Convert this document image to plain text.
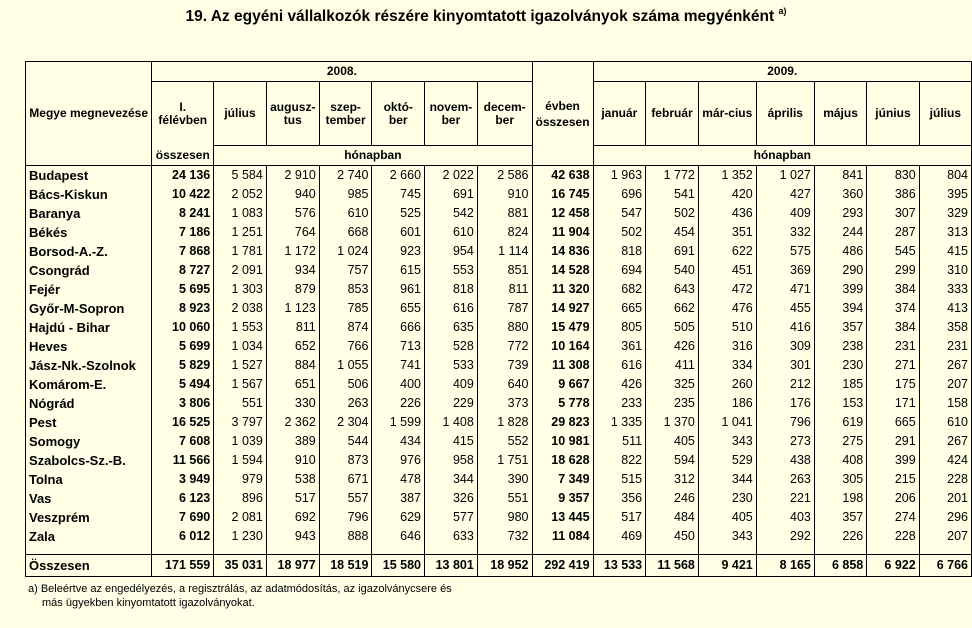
19. Az egyéni vállalkozók részére kinyomtatott igazolványok száma megyénként $^{a)}$
Megye megnevezése	2008.							évben összesen	2009.						
	I. félévben	július	augusz-tus	szep-tember	októ-ber	novem-ber	decem-ber		január	február	már-cius	április	május	június	július
	összesen	hónapban							hónapban						
Budapest	24 136	5 584	2 910	2 740	2 660	2 022	2 586	42 638	1 963	1 772	1 352	1 027	841	830	804
Bács-Kiskun	10 422	2 052	940	985	745	691	910	16 745	696	541	420	427	360	386	395
Baranya	8 241	1 083	576	610	525	542	881	12 458	547	502	436	409	293	307	329
Békés	7 186	1 251	764	668	601	610	824	11 904	502	454	351	332	244	287	313
Borsod-A.-Z.	7 868	1 781	1 172	1 024	923	954	1 114	14 836	818	691	622	575	486	545	415
Csongrád	8 727	2 091	934	757	615	553	851	14 528	694	540	451	369	290	299	310
Fejér	5 695	1 303	879	853	961	818	811	11 320	682	643	472	471	399	384	333
Győr-M-Sopron	8 923	2 038	1 123	785	655	616	787	14 927	665	662	476	455	394	374	413
Hajdú - Bihar	10 060	1 553	811	874	666	635	880	15 479	805	505	510	416	357	384	358
Heves	5 699	1 034	652	766	713	528	772	10 164	361	426	316	309	238	231	231
Jász-Nk.-Szolnok	5 829	1 527	884	1 055	741	533	739	11 308	616	411	334	301	230	271	267
Komárom-E.	5 494	1 567	651	506	400	409	640	9 667	426	325	260	212	185	175	207
Nógrád	3 806	551	330	263	226	229	373	5 778	233	235	186	176	153	171	158
Pest	16 525	3 797	2 362	2 304	1 599	1 408	1 828	29 823	1 335	1 370	1 041	796	619	665	610
Somogy	7 608	1 039	389	544	434	415	552	10 981	511	405	343	273	275	291	267
Szabolcs-Sz.-B.	11 566	1 594	910	873	976	958	1 751	18 628	822	594	529	438	408	399	424
Tolna	3 949	979	538	671	478	344	390	7 349	515	312	344	263	305	215	228
Vas	6 123	896	517	557	387	326	551	9 357	356	246	230	221	198	206	201
Veszprém	7 690	2 081	692	796	629	577	980	13 445	517	484	405	403	357	274	296
Zala	6 012	1 230	943	888	646	633	732	11 084	469	450	343	292	226	228	207

Összesen	171 559	35 031	18 977	18 519	15 580	13 801	18 952	292 419	13 533	11 568	9 421	8 165	6 858	6 922	6 766
a) Beleértve az engedélyezés, a regisztrálás, az adatmódosítás, az igazolványcsere és
más ügyekben kinyomtatott igazolványokat.
